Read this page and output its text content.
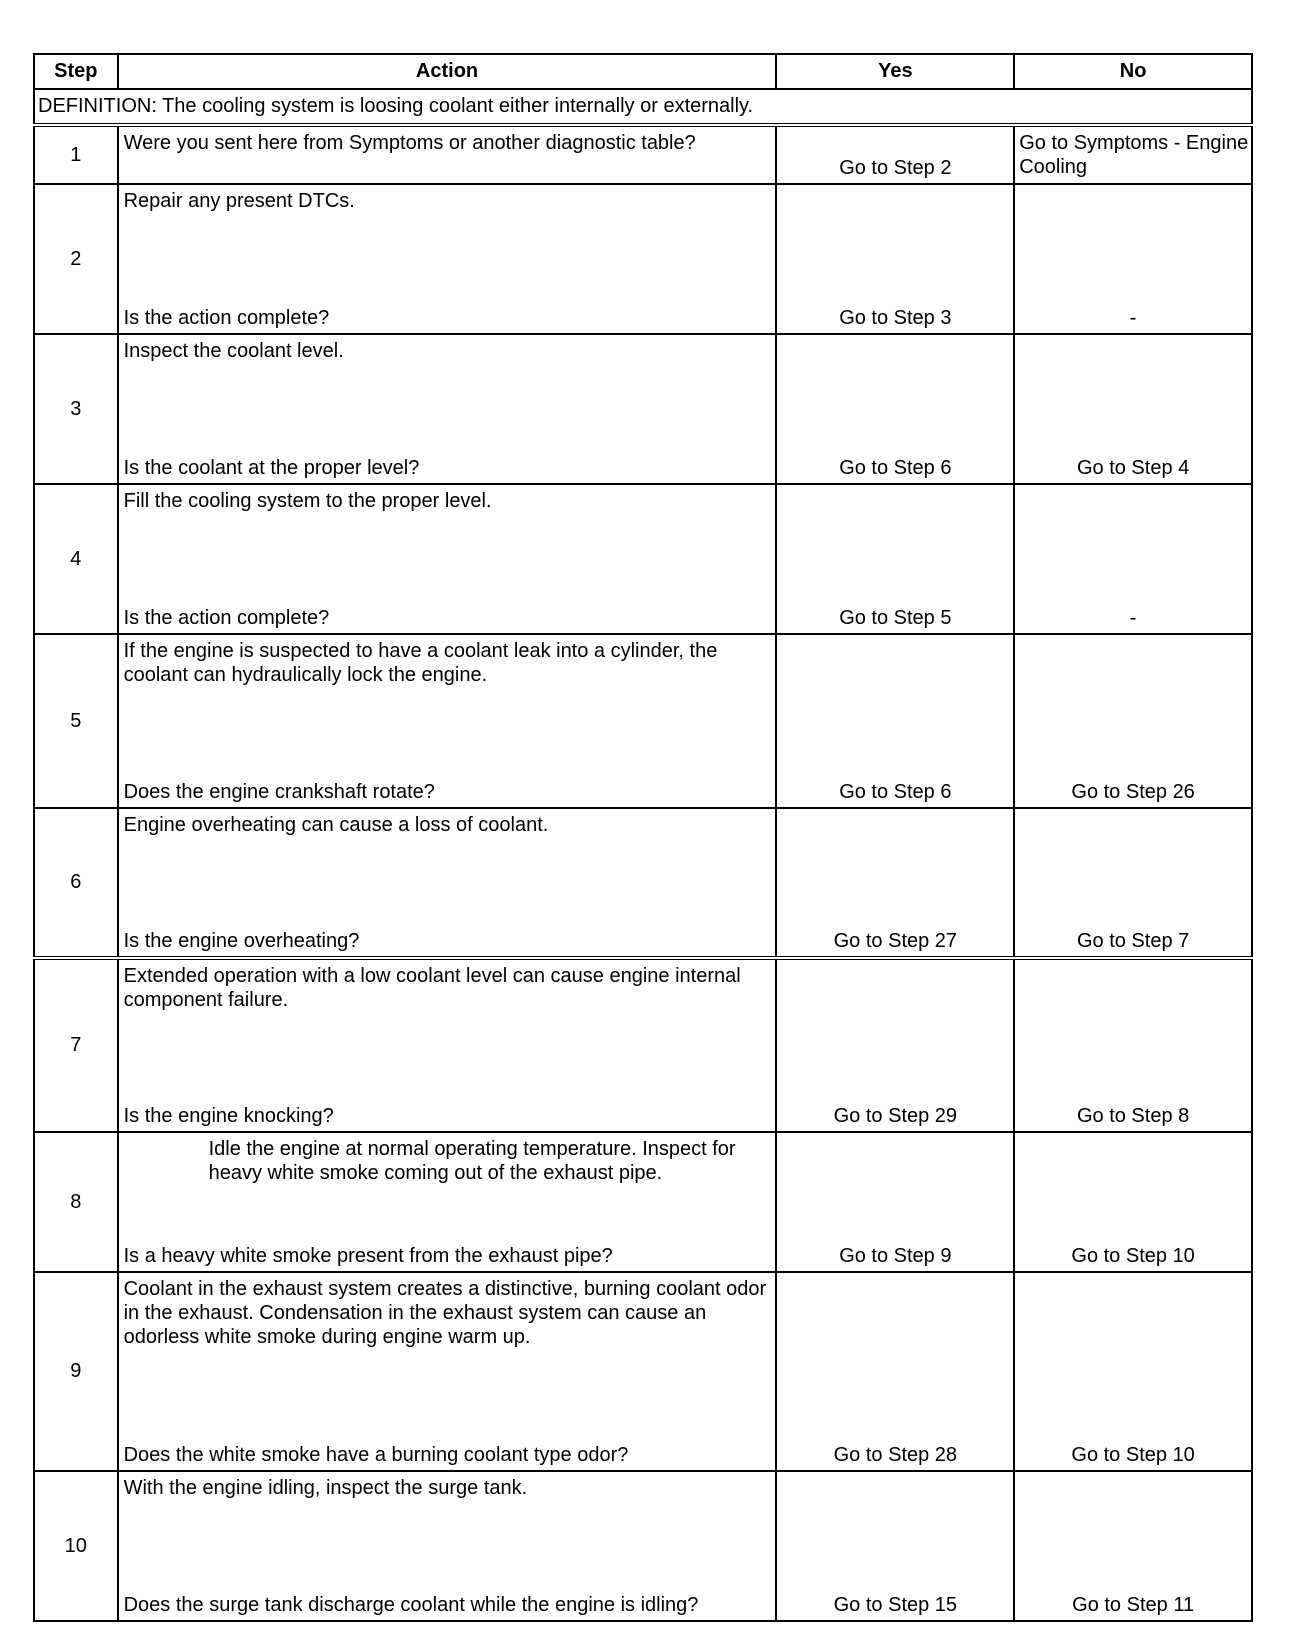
Step	Action	Yes	No
DEFINITION: The cooling system is loosing coolant either internally or externally.			
1	Were you sent here from Symptoms or another diagnostic table?	Go to Step 2	Go to Symptoms - Engine Cooling

2	Repair any present DTCs.
Is the action complete?	Go to Step 3	-

3	Inspect the coolant level.
Is the coolant at the proper level?	Go to Step 6	Go to Step 4

4	Fill the cooling system to the proper level.
Is the action complete?	Go to Step 5	-

5	If the engine is suspected to have a coolant leak into a cylinder, the coolant can hydraulically lock the engine.
Does the engine crankshaft rotate?	Go to Step 6	Go to Step 26

6	Engine overheating can cause a loss of coolant.
Is the engine overheating?	Go to Step 27	Go to Step 7

7	Extended operation with a low coolant level can cause engine internal component failure.
Is the engine knocking?	Go to Step 29	Go to Step 8

8	Idle the engine at normal operating temperature. Inspect for heavy white smoke coming out of the exhaust pipe.
Is a heavy white smoke present from the exhaust pipe?	Go to Step 9	Go to Step 10

9	Coolant in the exhaust system creates a distinctive, burning coolant odor in the exhaust. Condensation in the exhaust system can cause an odorless white smoke during engine warm up.
Does the white smoke have a burning coolant type odor?	Go to Step 28	Go to Step 10

10	With the engine idling, inspect the surge tank.
Does the surge tank discharge coolant while the engine is idling?	Go to Step 15	Go to Step 11
